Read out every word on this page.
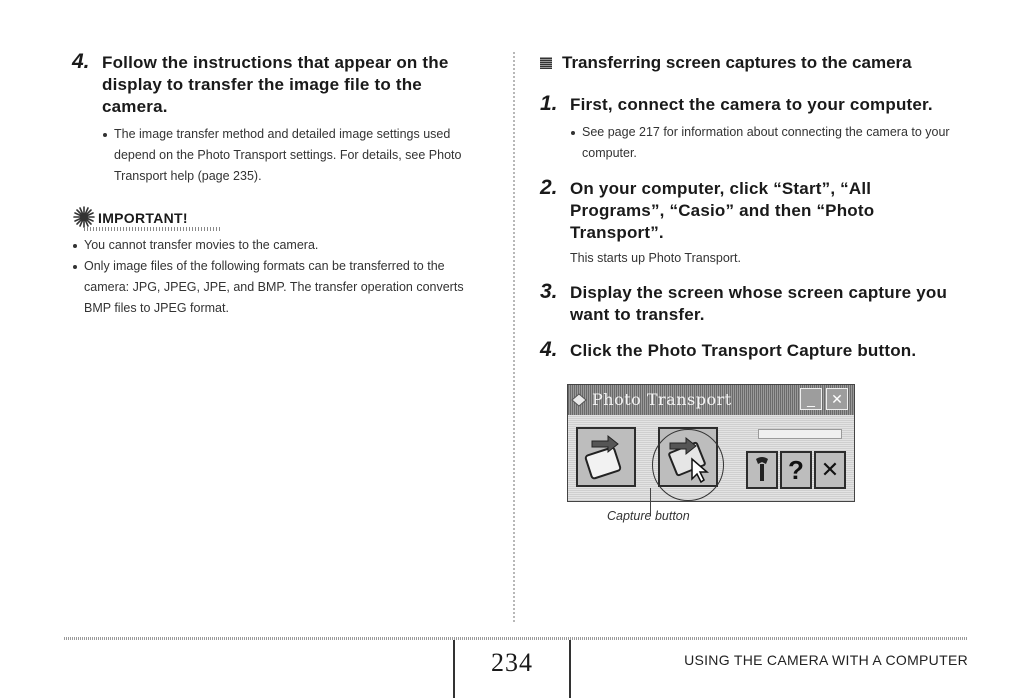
4. Follow the instructions that appear on the display to transfer the image file to the camera.
The image transfer method and detailed image settings used depend on the Photo Transport settings. For details, see Photo Transport help (page 235).
IMPORTANT!
You cannot transfer movies to the camera.
Only image files of the following formats can be transferred to the camera: JPG, JPEG, JPE, and BMP. The transfer operation converts BMP files to JPEG format.
Transferring screen captures to the camera
1. First, connect the camera to your computer.
See page 217 for information about connecting the camera to your computer.
2. On your computer, click “Start”, “All Programs”, “Casio” and then “Photo Transport”.
This starts up Photo Transport.
3. Display the screen whose screen capture you want to transfer.
4. Click the Photo Transport Capture button.
Photo Transport	_	✕
? ✕
Capture button
234	USING THE CAMERA WITH A COMPUTER
